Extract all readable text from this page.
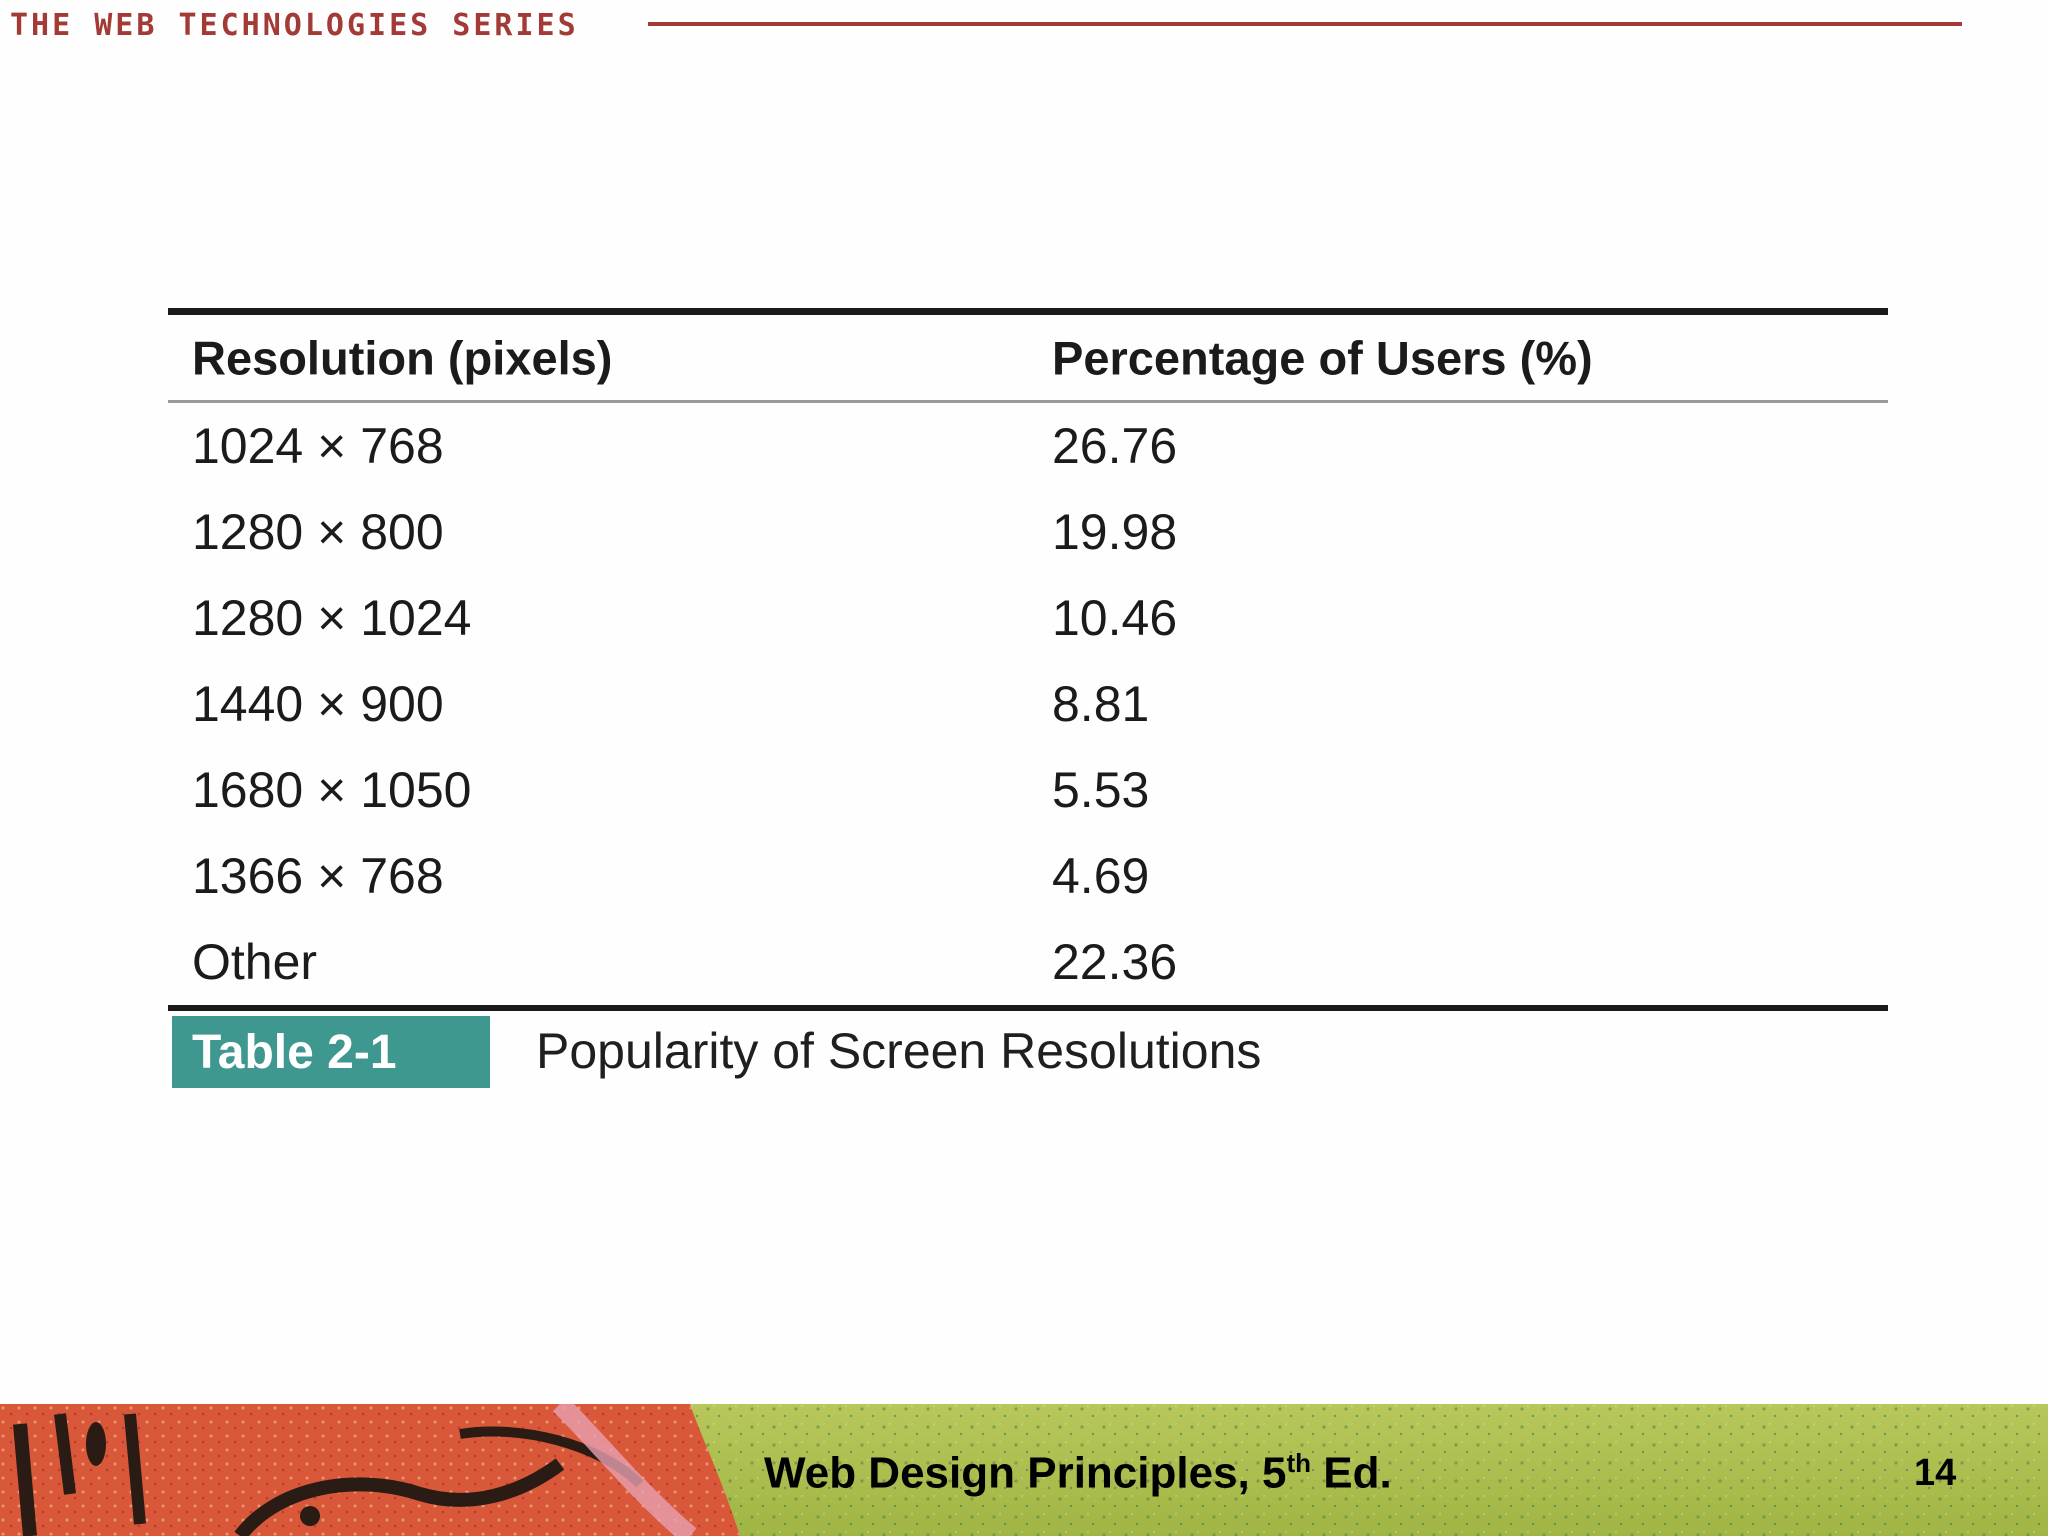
THE WEB TECHNOLOGIES SERIES
Resolution (pixels)	Percentage of Users (%)
1024 × 768	26.76
1280 × 800	19.98
1280 × 1024	10.46
1440 × 900	8.81
1680 × 1050	5.53
1366 × 768	4.69
Other	22.36
Table 2-1	Popularity of Screen Resolutions
Web Design Principles, 5th Ed.	14
